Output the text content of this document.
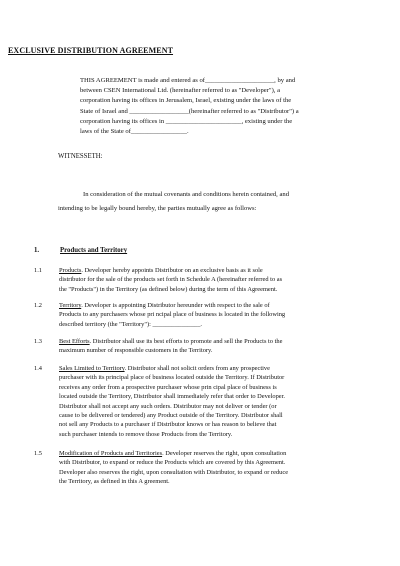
EXCLUSIVE DISTRIBUTION AGREEMENT
THIS AGREEMENT is made and entered as of_____________________, by and
between CSEN International Ltd. (hereinafter referred to as "Developer"), a
corporation having its offices in Jerusalem, Israel, existing under the laws of the
State of Israel and __________________(hereinafter referred to as "Distributor") a
corporation having its offices in _______________________, existing under the
laws of the State of_________________.
WITNESSETH:
In consideration of the mutual covenants and conditions herein contained, and
intending to be legally bound hereby, the parties mutually agree as follows:
1.	Products and Territory
1.1	Products. Developer hereby appoints Distributor on an exclusive basis as it sole
distributor for the sale of the products set forth in Schedule A (hereinafter referred to as
the "Products") in the Territory (as defined below) during the term of this Agreement.
1.2	Territory. Developer is appointing Distributor hereunder with respect to the sale of
Products to any purchasers whose pri ncipal place of business is located in the following
described territory (the "Territory"): _______________.
1.3	Best Efforts. Distributor shall use its best efforts to promote and sell the Products to the
maximum number of responsible customers in the Territory.
1.4	Sales Limited to Territory. Distributor shall not solicit orders from any prospective
purchaser with its principal place of business located outside the Territory. If Distributor
receives any order from a prospective purchaser whose prin cipal place of business is
located outside the Territory, Distributor shall immediately refer that order to Developer.
Distributor shall not accept any such orders. Distributor may not deliver or tender (or
cause to be delivered or tendered) any Product outside of the Territory. Distributor shall
not sell any Products to a purchaser if Distributor knows or has reason to believe that
such purchaser intends to remove those Products from the Territory.
1.5	Modification of Products and Territories. Developer reserves the right, upon consultation
with Distributor, to expand or reduce the Products which are covered by this Agreement.
Developer also reserves the right, upon consultation with Distributor, to expand or reduce
the Territory, as defined in this A greement.
